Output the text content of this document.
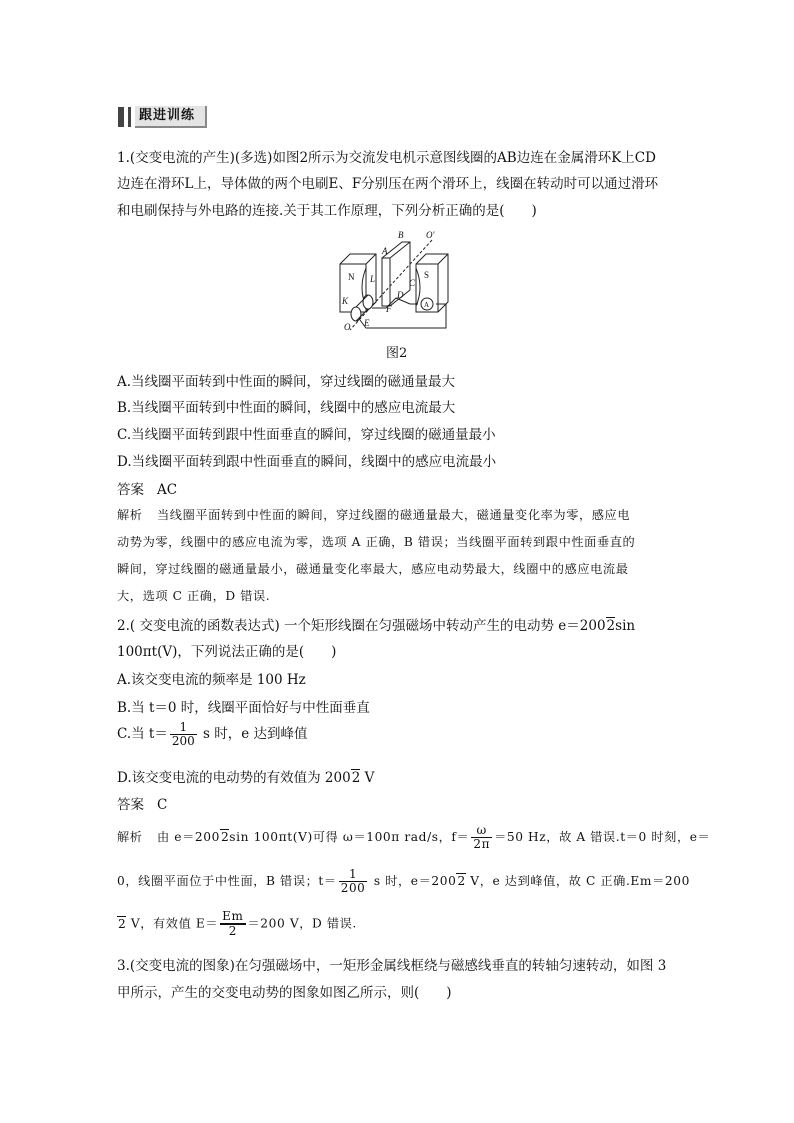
跟进训练
1.(交变电流的产生)(多选)如图2所示为交流发电机示意图线圈的AB边连在金属滑环K上CD
边连在滑环L上，导体做的两个电刷E、F分别压在两个滑环上，线圈在转动时可以通过滑环
和电刷保持与外电路的连接.关于其工作原理，下列分析正确的是(　　)
B	O′
A
N L	S
C
D
K	A
F
O E
图2
A.当线圈平面转到中性面的瞬间，穿过线圈的磁通量最大
B.当线圈平面转到中性面的瞬间，线圈中的感应电流最大
C.当线圈平面转到跟中性面垂直的瞬间，穿过线圈的磁通量最小
D.当线圈平面转到跟中性面垂直的瞬间，线圈中的感应电流最小
答案 AC
解析 当线圈平面转到中性面的瞬间，穿过线圈的磁通量最大，磁通量变化率为零，感应电
动势为零，线圈中的感应电流为零，选项 A 正确，B 错误；当线圈平面转到跟中性面垂直的
瞬间，穿过线圈的磁通量最小，磁通量变化率最大，感应电动势最大，线圈中的感应电流最
大，选项 C 正确，D 错误.
2.( 交变电流的函数表达式) 一个矩形线圈在匀强磁场中转动产生的电动势 e＝2002sin
100πt(V)，下列说法正确的是(　　)
A.该交变电流的频率是 100 Hz
B.当 t＝0 时，线圈平面恰好与中性面垂直
C.当 $t= \frac{1}{200}$ s 时，e 达到峰值
D.该交变电流的电动势的有效值为 2002 V
答案 C
解析 由 e＝2002sin 100πt(V)可得 ω＝100π rad/s，$f= \frac{\omega}{2\pi} =50$ Hz，故 A 错误.t＝0 时刻，e＝
0，线圈平面位于中性面，B 错误；$t= \frac{1}{200}$ s 时，e＝2002 V，e 达到峰值，故 C 正确.Em＝200
2 V，有效值 $E= \frac{Em}{2} =200$ V，D 错误.
3.(交变电流的图象)在匀强磁场中，一矩形金属线框绕与磁感线垂直的转轴匀速转动，如图 3
甲所示，产生的交变电动势的图象如图乙所示，则(　　)
